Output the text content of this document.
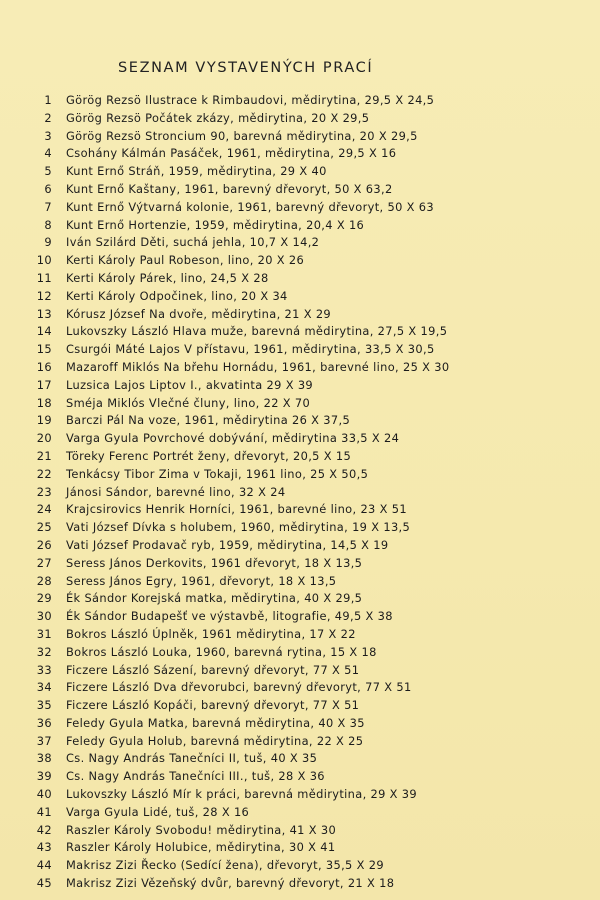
SEZNAM VYSTAVENÝCH PRACÍ
1 Görög Rezsö Ilustrace k Rimbaudovi, mědirytina, 29,5 X 24,5
2 Görög Rezsö Počátek zkázy, mědirytina, 20 X 29,5
3 Görög Rezsö Stroncium 90, barevná mědirytina, 20 X 29,5
4 Csohány Kálmán Pasáček, 1961, mědirytina, 29,5 X 16
5 Kunt Ernő Stráň, 1959, mědirytina, 29 X 40
6 Kunt Ernő Kaštany, 1961, barevný dřevoryt, 50 X 63,2
7 Kunt Ernő Výtvarná kolonie, 1961, barevný dřevoryt, 50 X 63
8 Kunt Ernő Hortenzie, 1959, mědirytina, 20,4 X 16
9 Iván Szilárd Děti, suchá jehla, 10,7 X 14,2
10 Kerti Károly Paul Robeson, lino, 20 X 26
11 Kerti Károly Párek, lino, 24,5 X 28
12 Kerti Károly Odpočinek, lino, 20 X 34
13 Kórusz József Na dvoře, mědirytina, 21 X 29
14 Lukovszky László Hlava muže, barevná mědirytina, 27,5 X 19,5
15 Csurgói Máté Lajos V přístavu, 1961, mědirytina, 33,5 X 30,5
16 Mazaroff Miklós Na břehu Hornádu, 1961, barevné lino, 25 X 30
17 Luzsica Lajos Liptov I., akvatinta 29 X 39
18 Sméja Miklós Vlečné čluny, lino, 22 X 70
19 Barczi Pál Na voze, 1961, mědirytina 26 X 37,5
20 Varga Gyula Povrchové dobývání, mědirytina 33,5 X 24
21 Töreky Ferenc Portrét ženy, dřevoryt, 20,5 X 15
22 Tenkácsy Tibor Zima v Tokaji, 1961 lino, 25 X 50,5
23 Jánosi Sándor, barevné lino, 32 X 24
24 Krajcsirovics Henrik Horníci, 1961, barevné lino, 23 X 51
25 Vati József Dívka s holubem, 1960, mědirytina, 19 X 13,5
26 Vati József Prodavač ryb, 1959, mědirytina, 14,5 X 19
27 Seress János Derkovits, 1961 dřevoryt, 18 X 13,5
28 Seress János Egry, 1961, dřevoryt, 18 X 13,5
29 Ék Sándor Korejská matka, mědirytina, 40 X 29,5
30 Ék Sándor Budapešť ve výstavbě, litografie, 49,5 X 38
31 Bokros László Úplněk, 1961 mědirytina, 17 X 22
32 Bokros László Louka, 1960, barevná rytina, 15 X 18
33 Ficzere László Sázení, barevný dřevoryt, 77 X 51
34 Ficzere László Dva dřevorubci, barevný dřevoryt, 77 X 51
35 Ficzere László Kopáči, barevný dřevoryt, 77 X 51
36 Feledy Gyula Matka, barevná mědirytina, 40 X 35
37 Feledy Gyula Holub, barevná mědirytina, 22 X 25
38 Cs. Nagy András Tanečníci II, tuš, 40 X 35
39 Cs. Nagy András Tanečníci III., tuš, 28 X 36
40 Lukovszky László Mír k práci, barevná mědirytina, 29 X 39
41 Varga Gyula Lidé, tuš, 28 X 16
42 Raszler Károly Svobodu! mědirytina, 41 X 30
43 Raszler Károly Holubice, mědirytina, 30 X 41
44 Makrisz Zizi Řecko (Sedící žena), dřevoryt, 35,5 X 29
45 Makrisz Zizi Vězeňský dvůr, barevný dřevoryt, 21 X 18
